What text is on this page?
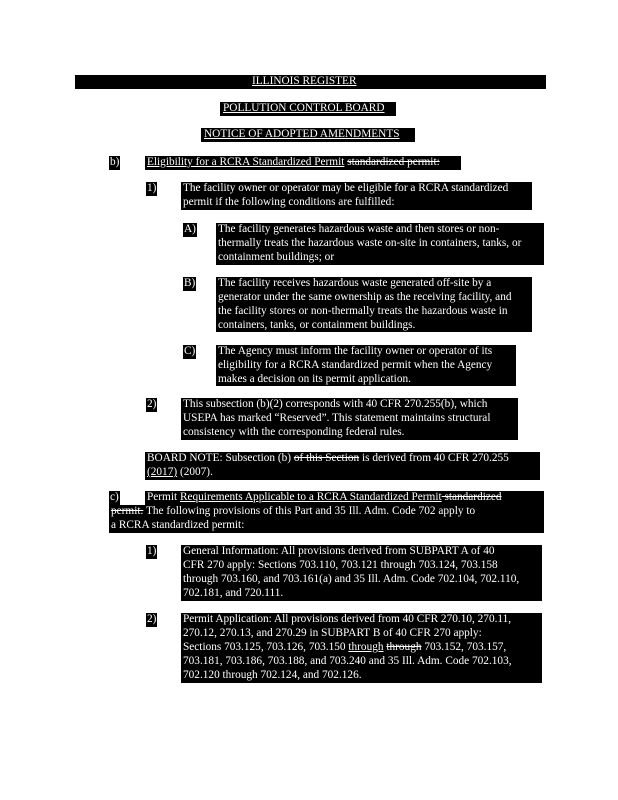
ILLINOIS REGISTER
POLLUTION CONTROL BOARD
NOTICE OF ADOPTED AMENDMENTS
b) Eligibility for a RCRA Standardized Permit standardized permit:
1) The facility owner or operator may be eligible for a RCRA standardized
permit if the following conditions are fulfilled:
A) The facility generates hazardous waste and then stores or non-
thermally treats the hazardous waste on-site in containers, tanks, or
containment buildings; or
B) The facility receives hazardous waste generated off-site by a
generator under the same ownership as the receiving facility, and
the facility stores or non-thermally treats the hazardous waste in
containers, tanks, or containment buildings.
C) The Agency must inform the facility owner or operator of its
eligibility for a RCRA standardized permit when the Agency
makes a decision on its permit application.
2) This subsection (b)(2) corresponds with 40 CFR 270.255(b), which
USEPA has marked “Reserved”. This statement maintains structural
consistency with the corresponding federal rules.
BOARD NOTE: Subsection (b) of this Section is derived from 40 CFR 270.255
(2017) (2007).
c) Permit Requirements Applicable to a RCRA Standardized Permit standardized
permit. The following provisions of this Part and 35 Ill. Adm. Code 702 apply to
a RCRA standardized permit:
1) General Information: All provisions derived from SUBPART A of 40
CFR 270 apply: Sections 703.110, 703.121 through 703.124, 703.158
through 703.160, and 703.161(a) and 35 Ill. Adm. Code 702.104, 702.110,
702.181, and 720.111.
2) Permit Application: All provisions derived from 40 CFR 270.10, 270.11,
270.12, 270.13, and 270.29 in SUBPART B of 40 CFR 270 apply:
Sections 703.125, 703.126, 703.150 through through 703.152, 703.157,
703.181, 703.186, 703.188, and 703.240 and 35 Ill. Adm. Code 702.103,
702.120 through 702.124, and 702.126.
